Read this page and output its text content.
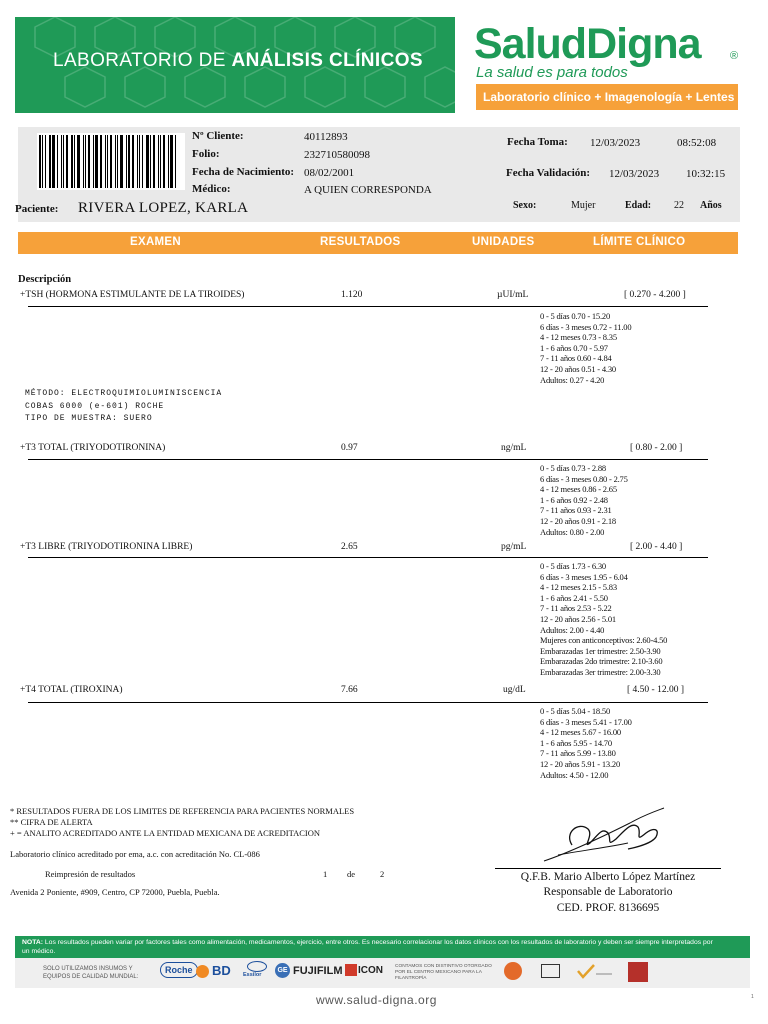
LABORATORIO DE ANÁLISIS CLÍNICOS SaludDigna	®
La salud es para todos
Laboratorio clínico + Imagenología + Lentes
Nº Cliente:	40112893
Folio:	232710580098
Fecha de Nacimiento: 08/02/2001
Médico:	A QUIEN CORRESPONDA
Paciente: RIVERA LOPEZ, KARLA
Fecha Toma: 12/03/2023	08:52:08
Fecha Validación: 12/03/2023 10:32:15
Sexo:	Mujer	Edad: 22 Años
EXAMEN	RESULTADOS	UNIDADES	LÍMITE CLÍNICO
Descripción
+TSH (HORMONA ESTIMULANTE DE LA TIROIDES)	1.120	µUI/mL	[ 0.270 - 4.200 ]
0 - 5 días 0.70 - 15.20
6 días - 3 meses 0.72 - 11.00
4 - 12 meses 0.73 - 8.35
1 - 6 años 0.70 - 5.97
7 - 11 años 0.60 - 4.84
12 - 20 años 0.51 - 4.30
Adultos: 0.27 - 4.20
MÉTODO: ELECTROQUIMIOLUMINISCENCIA
COBAS 6000 (e-601) ROCHE
TIPO DE MUESTRA: SUERO
+T3 TOTAL (TRIYODOTIRONINA)	0.97	ng/mL	[ 0.80 - 2.00 ]
0 - 5 días 0.73 - 2.88
6 días - 3 meses 0.80 - 2.75
4 - 12 meses 0.86 - 2.65
1 - 6 años 0.92 - 2.48
7 - 11 años 0.93 - 2.31
12 - 20 años 0.91 - 2.18
Adultos: 0.80 - 2.00
+T3 LIBRE (TRIYODOTIRONINA LIBRE)	2.65	pg/mL	[ 2.00 - 4.40 ]
0 - 5 días 1.73 - 6.30
6 días - 3 meses 1.95 - 6.04
4 - 12 meses 2.15 - 5.83
1 - 6 años 2.41 - 5.50
7 - 11 años 2.53 - 5.22
12 - 20 años 2.56 - 5.01
Adultos: 2.00 - 4.40
Mujeres con anticonceptivos: 2.60-4.50
Embarazadas 1er trimestre: 2.50-3.90
Embarazadas 2do trimestre: 2.10-3.60
Embarazadas 3er trimestre: 2.00-3.30
+T4 TOTAL (TIROXINA)	7.66	ug/dL	[ 4.50 - 12.00 ]
0 - 5 días 5.04 - 18.50
6 días - 3 meses 5.41 - 17.00
4 - 12 meses 5.67 - 16.00
1 - 6 años 5.95 - 14.70
7 - 11 años 5.99 - 13.80
12 - 20 años 5.91 - 13.20
Adultos: 4.50 - 12.00
* RESULTADOS FUERA DE LOS LIMITES DE REFERENCIA PARA PACIENTES NORMALES
** CIFRA DE ALERTA
+ = ANALITO ACREDITADO ANTE LA ENTIDAD MEXICANA DE ACREDITACION
Laboratorio clínico acreditado por ema, a.c. con acreditación No. CL-086
Reimpresión de resultados	1 de	2
Avenida 2 Poniente, #909, Centro, CP 72000, Puebla, Puebla.
Q.F.B. Mario Alberto López Martínez
Responsable de Laboratorio
CED. PROF. 8136695
NOTA: Los resultados pueden variar por factores tales como alimentación, medicamentos, ejercicio, entre otros. Es necesario correlacionar los datos clínicos con los resultados de laboratorio y deben ser siempre interpretados por un médico.
SOLO UTILIZAMOS INSUMOS Y EQUIPOS DE CALIDAD MUNDIAL:
Roche	BD Essilor
GE FUJIFILM ICON	CONTAMOS CON DISTINTIVO OTORGADO POR EL CENTRO MEXICANO PARA LA FILANTROPÍA
www.salud-digna.org	1
